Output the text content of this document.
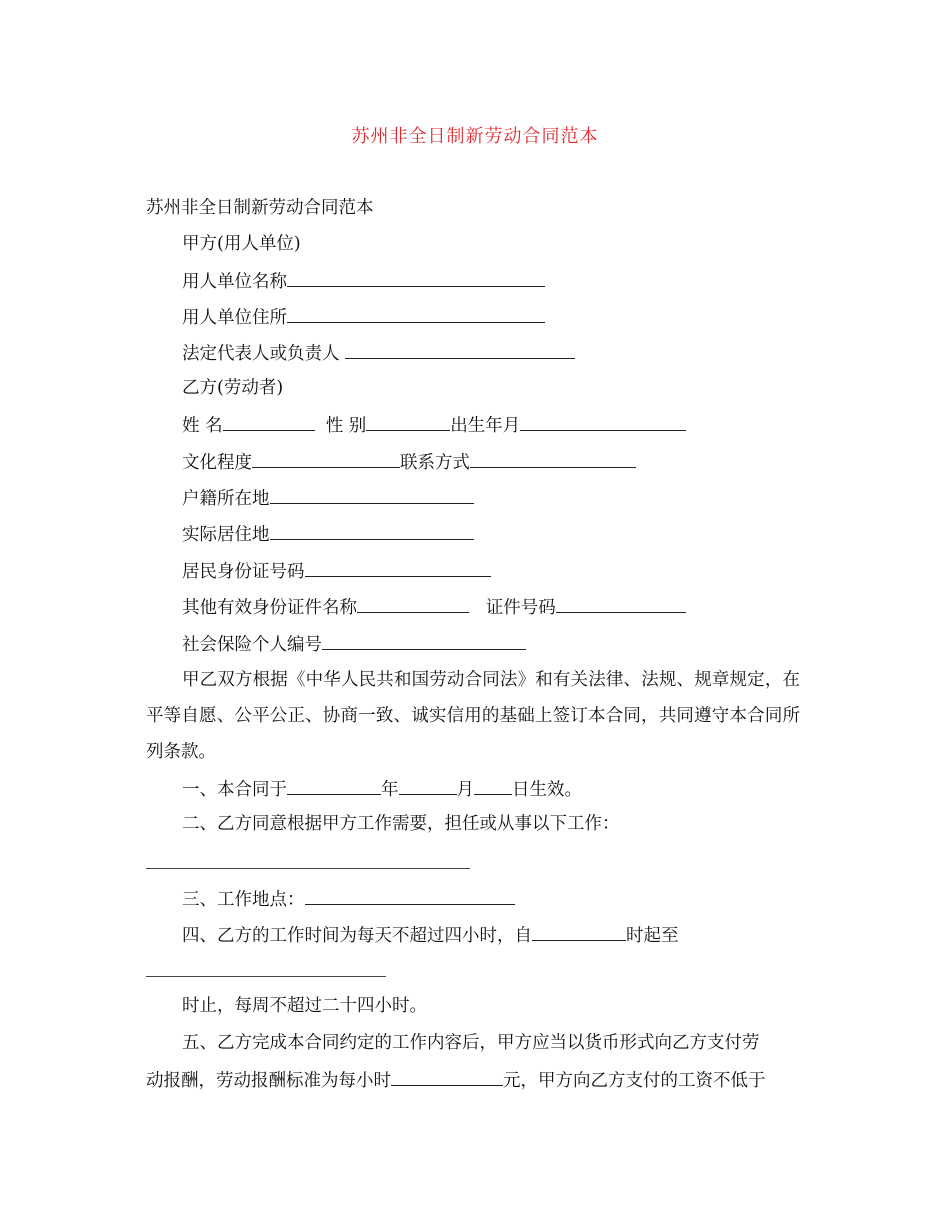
苏州非全日制新劳动合同范本
苏州非全日制新劳动合同范本
甲方(用人单位)
用人单位名称
用人单位住所
法定代表人或负责人
乙方(劳动者)
姓 名	性 别	出生年月
文化程度	联系方式
户籍所在地
实际居住地
居民身份证号码
其他有效身份证件名称	证件号码
社会保险个人编号
甲乙双方根据《中华人民共和国劳动合同法》和有关法律、法规、规章规定，在平等自愿、公平公正、协商一致、诚实信用的基础上签订本合同，共同遵守本合同所列条款。
一、本合同于	年	月 日生效。
二、乙方同意根据甲方工作需要，担任或从事以下工作：
三、工作地点：
四、乙方的工作时间为每天不超过四小时，自	时起至
时止，每周不超过二十四小时。
五、乙方完成本合同约定的工作内容后，甲方应当以货币形式向乙方支付劳
动报酬，劳动报酬标准为每小时	元，甲方向乙方支付的工资不低于
